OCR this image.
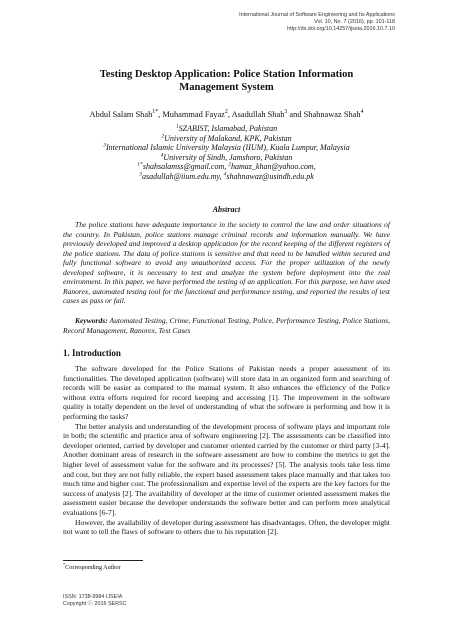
International Journal of Software Engineering and Its Applications
Vol. 10, No. 7 (2016), pp. 101-118
http://dx.doi.org/10.14257/ijseia.2016.10.7.10
Testing Desktop Application: Police Station Information
Management System
Abdul Salam Shah$^{1*}$, Muhammad Fayaz$^2$, Asadullah Shah$^3$ and Shahnawaz Shah$^4$
$^1$SZABIST, Islamabad, Pakistan
$^2$University of Malakand, KPK, Pakistan
$^3$International Islamic University Malaysia (IIUM), Kuala Lumpur, Malaysia
$^4$University of Sindh, Jamshoro, Pakistan
$^{1*}$shahsalamss@gmail.com, $^2$hamaz_khan@yahoo.com,
$^3$asadullah@iium.edu.my, $^4$shahnawaz@usindh.edu.pk
Abstract
The police stations have adequate importance in the society to control the law and order situations of the country. In Pakistan, police stations manage criminal records and information manually. We have previously developed and improved a desktop application for the record keeping of the different registers of the police stations. The data of police stations is sensitive and that need to be handled within secured and fully functional software to avoid any unauthorized access. For the proper utilization of the newly developed software, it is necessary to test and analyze the system before deployment into the real environment. In this paper, we have performed the testing of an application. For this purpose, we have used Ranorex, automated testing tool for the functional and performance testing, and reported the results of test cases as pass or fail.
Keywords: Automated Testing, Crime, Functional Testing, Police, Performance Testing, Police Stations, Record Management, Ranorex, Test Cases
1. Introduction

The software developed for the Police Stations of Pakistan needs a proper assessment of its functionalities. The developed application (software) will store data in an organized form and searching of records will be easier as compared to the manual system. It also enhances the efficiency of the Police without extra efforts required for record keeping and accessing [1]. The improvement in the software quality is totally dependent on the level of understanding of what the software is performing and how it is performing the tasks?

The better analysis and understanding of the development process of software plays and important role in both; the scientific and practice area of software engineering [2]. The assessments can be classified into developer oriented, carried by developer and customer oriented carried by the customer or third party [3-4]. Another dominant areas of research in the software assessment are how to combine the metrics to get the higher level of assessment value for the software and its processes? [5]. The analysis tools take less time and cost, but they are not fully reliable, the expert based assessment takes place manually and that takes too much time and higher cost. The professionalism and expertise level of the experts are the key factors for the success of analysis [2]. The availability of developer at the time of customer oriented assessment makes the assessment easier because the developer understands the software better and can perform more analytical evaluations [6-7].

However, the availability of developer during assessment has disadvantages. Often, the developer might not want to tell the flaws of software to others due to his reputation [2].

*Corresponding Author
ISSN: 1738-9984 IJSEIA
Copyright ⓒ 2016 SERSC
